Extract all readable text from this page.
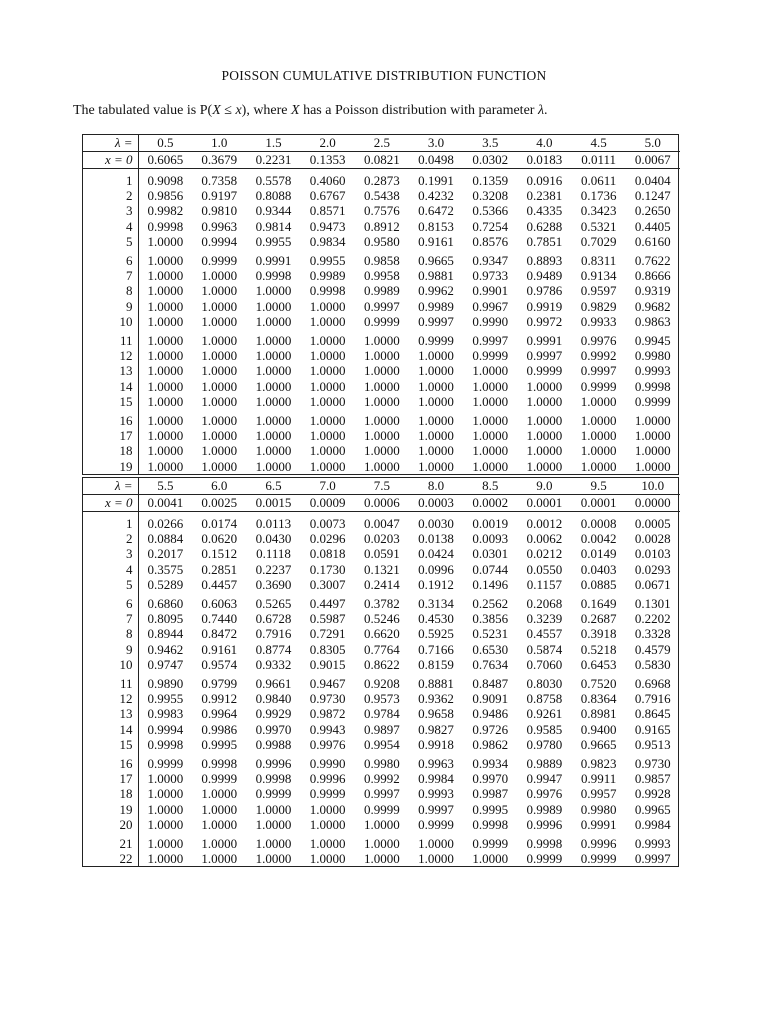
POISSON CUMULATIVE DISTRIBUTION FUNCTION
The tabulated value is P(X ≤ x), where X has a Poisson distribution with parameter λ.
λ =	0.5	1.0	1.5	2.0	2.5	3.0	3.5	4.0	4.5	5.0
x = 0	0.6065	0.3679	0.2231	0.1353	0.0821	0.0498	0.0302	0.0183	0.0111	0.0067
1	0.9098	0.7358	0.5578	0.4060	0.2873	0.1991	0.1359	0.0916	0.0611	0.0404
2	0.9856	0.9197	0.8088	0.6767	0.5438	0.4232	0.3208	0.2381	0.1736	0.1247
3	0.9982	0.9810	0.9344	0.8571	0.7576	0.6472	0.5366	0.4335	0.3423	0.2650
4	0.9998	0.9963	0.9814	0.9473	0.8912	0.8153	0.7254	0.6288	0.5321	0.4405
5	1.0000	0.9994	0.9955	0.9834	0.9580	0.9161	0.8576	0.7851	0.7029	0.6160
6	1.0000	0.9999	0.9991	0.9955	0.9858	0.9665	0.9347	0.8893	0.8311	0.7622
7	1.0000	1.0000	0.9998	0.9989	0.9958	0.9881	0.9733	0.9489	0.9134	0.8666
8	1.0000	1.0000	1.0000	0.9998	0.9989	0.9962	0.9901	0.9786	0.9597	0.9319
9	1.0000	1.0000	1.0000	1.0000	0.9997	0.9989	0.9967	0.9919	0.9829	0.9682
10	1.0000	1.0000	1.0000	1.0000	0.9999	0.9997	0.9990	0.9972	0.9933	0.9863
11	1.0000	1.0000	1.0000	1.0000	1.0000	0.9999	0.9997	0.9991	0.9976	0.9945
12	1.0000	1.0000	1.0000	1.0000	1.0000	1.0000	0.9999	0.9997	0.9992	0.9980
13	1.0000	1.0000	1.0000	1.0000	1.0000	1.0000	1.0000	0.9999	0.9997	0.9993
14	1.0000	1.0000	1.0000	1.0000	1.0000	1.0000	1.0000	1.0000	0.9999	0.9998
15	1.0000	1.0000	1.0000	1.0000	1.0000	1.0000	1.0000	1.0000	1.0000	0.9999
16	1.0000	1.0000	1.0000	1.0000	1.0000	1.0000	1.0000	1.0000	1.0000	1.0000
17	1.0000	1.0000	1.0000	1.0000	1.0000	1.0000	1.0000	1.0000	1.0000	1.0000
18	1.0000	1.0000	1.0000	1.0000	1.0000	1.0000	1.0000	1.0000	1.0000	1.0000
19	1.0000	1.0000	1.0000	1.0000	1.0000	1.0000	1.0000	1.0000	1.0000	1.0000
λ =	5.5	6.0	6.5	7.0	7.5	8.0	8.5	9.0	9.5	10.0
x = 0	0.0041	0.0025	0.0015	0.0009	0.0006	0.0003	0.0002	0.0001	0.0001	0.0000
1	0.0266	0.0174	0.0113	0.0073	0.0047	0.0030	0.0019	0.0012	0.0008	0.0005
2	0.0884	0.0620	0.0430	0.0296	0.0203	0.0138	0.0093	0.0062	0.0042	0.0028
3	0.2017	0.1512	0.1118	0.0818	0.0591	0.0424	0.0301	0.0212	0.0149	0.0103
4	0.3575	0.2851	0.2237	0.1730	0.1321	0.0996	0.0744	0.0550	0.0403	0.0293
5	0.5289	0.4457	0.3690	0.3007	0.2414	0.1912	0.1496	0.1157	0.0885	0.0671
6	0.6860	0.6063	0.5265	0.4497	0.3782	0.3134	0.2562	0.2068	0.1649	0.1301
7	0.8095	0.7440	0.6728	0.5987	0.5246	0.4530	0.3856	0.3239	0.2687	0.2202
8	0.8944	0.8472	0.7916	0.7291	0.6620	0.5925	0.5231	0.4557	0.3918	0.3328
9	0.9462	0.9161	0.8774	0.8305	0.7764	0.7166	0.6530	0.5874	0.5218	0.4579
10	0.9747	0.9574	0.9332	0.9015	0.8622	0.8159	0.7634	0.7060	0.6453	0.5830
11	0.9890	0.9799	0.9661	0.9467	0.9208	0.8881	0.8487	0.8030	0.7520	0.6968
12	0.9955	0.9912	0.9840	0.9730	0.9573	0.9362	0.9091	0.8758	0.8364	0.7916
13	0.9983	0.9964	0.9929	0.9872	0.9784	0.9658	0.9486	0.9261	0.8981	0.8645
14	0.9994	0.9986	0.9970	0.9943	0.9897	0.9827	0.9726	0.9585	0.9400	0.9165
15	0.9998	0.9995	0.9988	0.9976	0.9954	0.9918	0.9862	0.9780	0.9665	0.9513
16	0.9999	0.9998	0.9996	0.9990	0.9980	0.9963	0.9934	0.9889	0.9823	0.9730
17	1.0000	0.9999	0.9998	0.9996	0.9992	0.9984	0.9970	0.9947	0.9911	0.9857
18	1.0000	1.0000	0.9999	0.9999	0.9997	0.9993	0.9987	0.9976	0.9957	0.9928
19	1.0000	1.0000	1.0000	1.0000	0.9999	0.9997	0.9995	0.9989	0.9980	0.9965
20	1.0000	1.0000	1.0000	1.0000	1.0000	0.9999	0.9998	0.9996	0.9991	0.9984
21	1.0000	1.0000	1.0000	1.0000	1.0000	1.0000	0.9999	0.9998	0.9996	0.9993
22	1.0000	1.0000	1.0000	1.0000	1.0000	1.0000	1.0000	0.9999	0.9999	0.9997
